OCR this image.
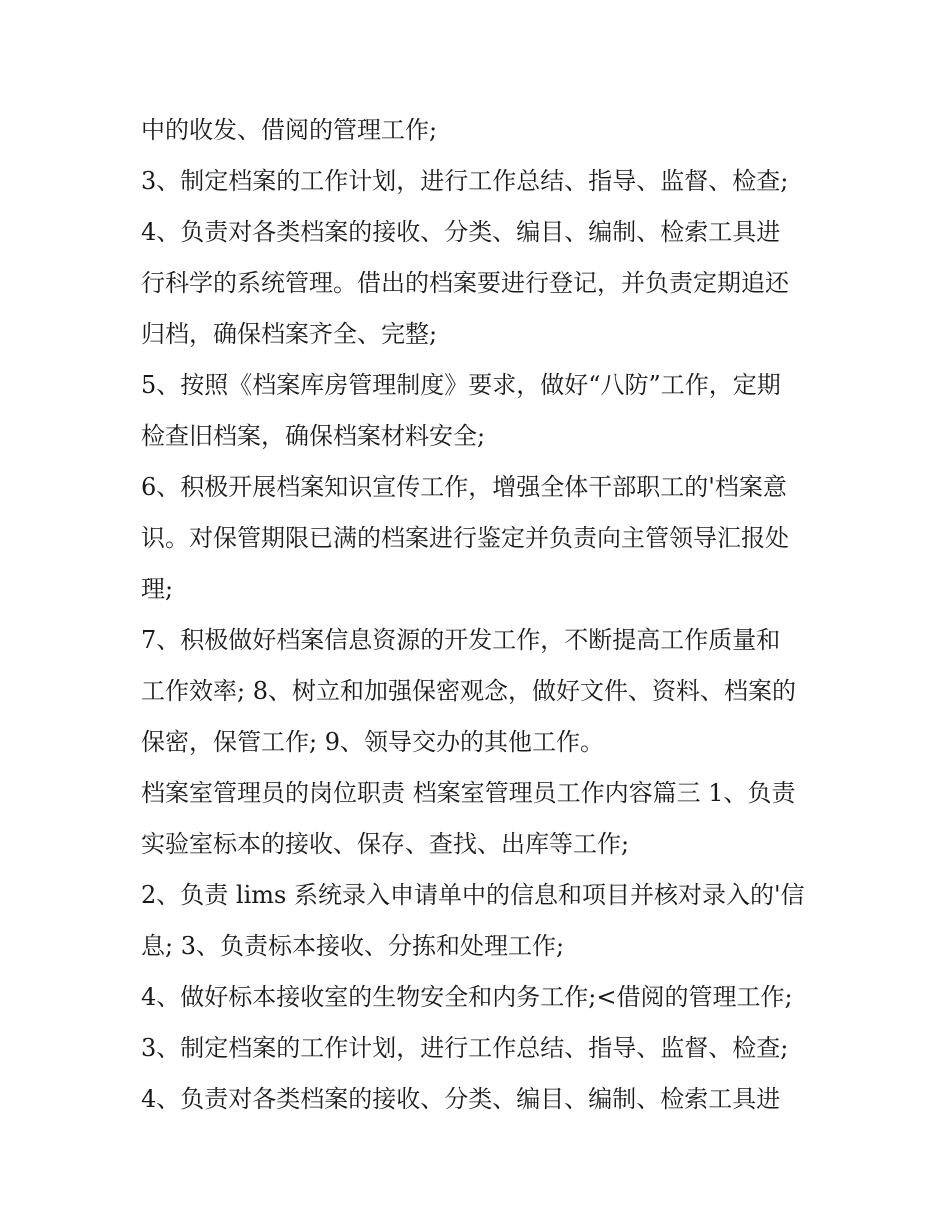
中的收发、借阅的管理工作;
3、制定档案的工作计划，进行工作总结、指导、监督、检查;
4、负责对各类档案的接收、分类、编目、编制、检索工具进
行科学的系统管理。借出的档案要进行登记，并负责定期追还
归档，确保档案齐全、完整;
5、按照《档案库房管理制度》要求，做好“八防”工作，定期
检查旧档案，确保档案材料安全;
6、积极开展档案知识宣传工作，增强全体干部职工的'档案意
识。对保管期限已满的档案进行鉴定并负责向主管领导汇报处
理;
7、积极做好档案信息资源的开发工作，不断提高工作质量和
工作效率; 8、树立和加强保密观念，做好文件、资料、档案的
保密，保管工作; 9、领导交办的其他工作。
档案室管理员的岗位职责 档案室管理员工作内容篇三 1、负责
实验室标本的接收、保存、查找、出库等工作;
2、负责 lims 系统录入申请单中的信息和项目并核对录入的'信
息; 3、负责标本接收、分拣和处理工作;
4、做好标本接收室的生物安全和内务工作;<借阅的管理工作;
3、制定档案的工作计划，进行工作总结、指导、监督、检查;
4、负责对各类档案的接收、分类、编目、编制、检索工具进
